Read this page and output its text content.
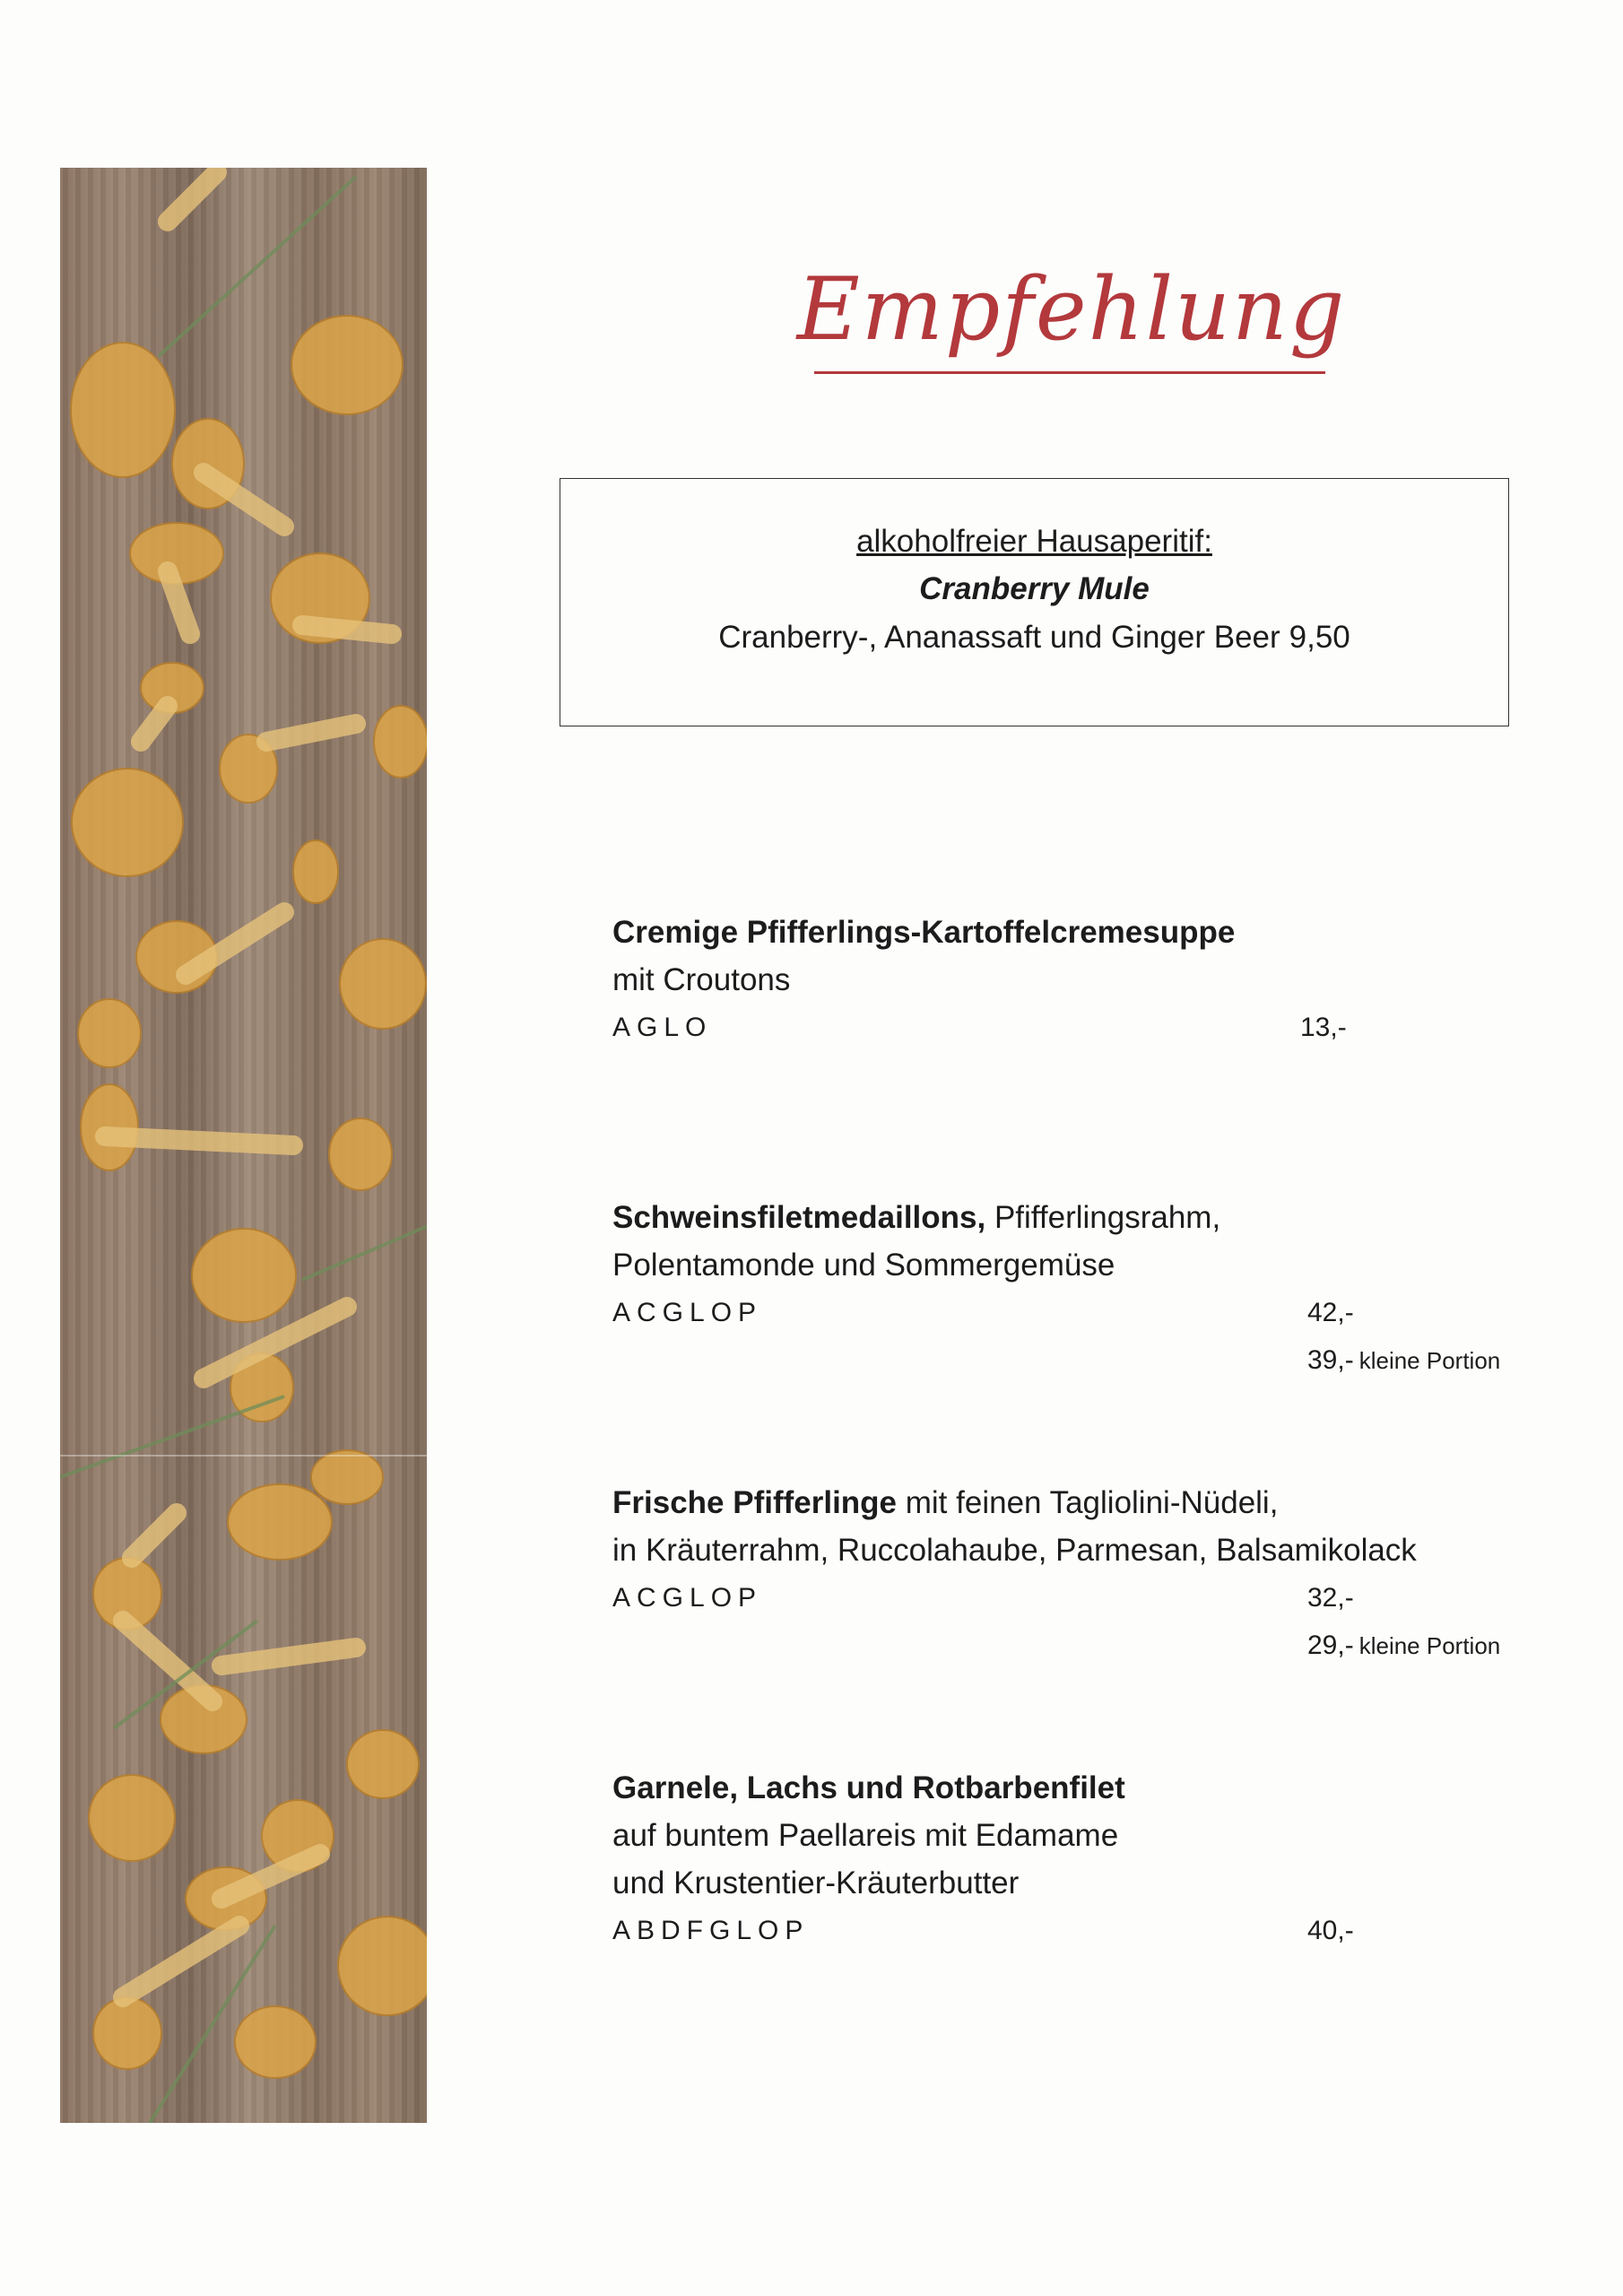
Empfehlung
alkoholfreier Hausaperitif:
Cranberry Mule
Cranberry-, Ananassaft und Ginger Beer 9,50
Cremige Pfifferlings-Kartoffelcremesuppe
mit Croutons
AGLO	13,-
Schweinsfiletmedaillons, Pfifferlingsrahm,
Polentamonde und Sommergemüse
ACGLOP	42,-
39,- kleine Portion
Frische Pfifferlinge mit feinen Tagliolini-Nüdeli,
in Kräuterrahm, Ruccolahaube, Parmesan, Balsamikolack
ACGLOP	32,-
29,- kleine Portion
Garnele, Lachs und Rotbarbenfilet
auf buntem Paellareis mit Edamame
und Krustentier-Kräuterbutter
ABDFGLOP	40,-
